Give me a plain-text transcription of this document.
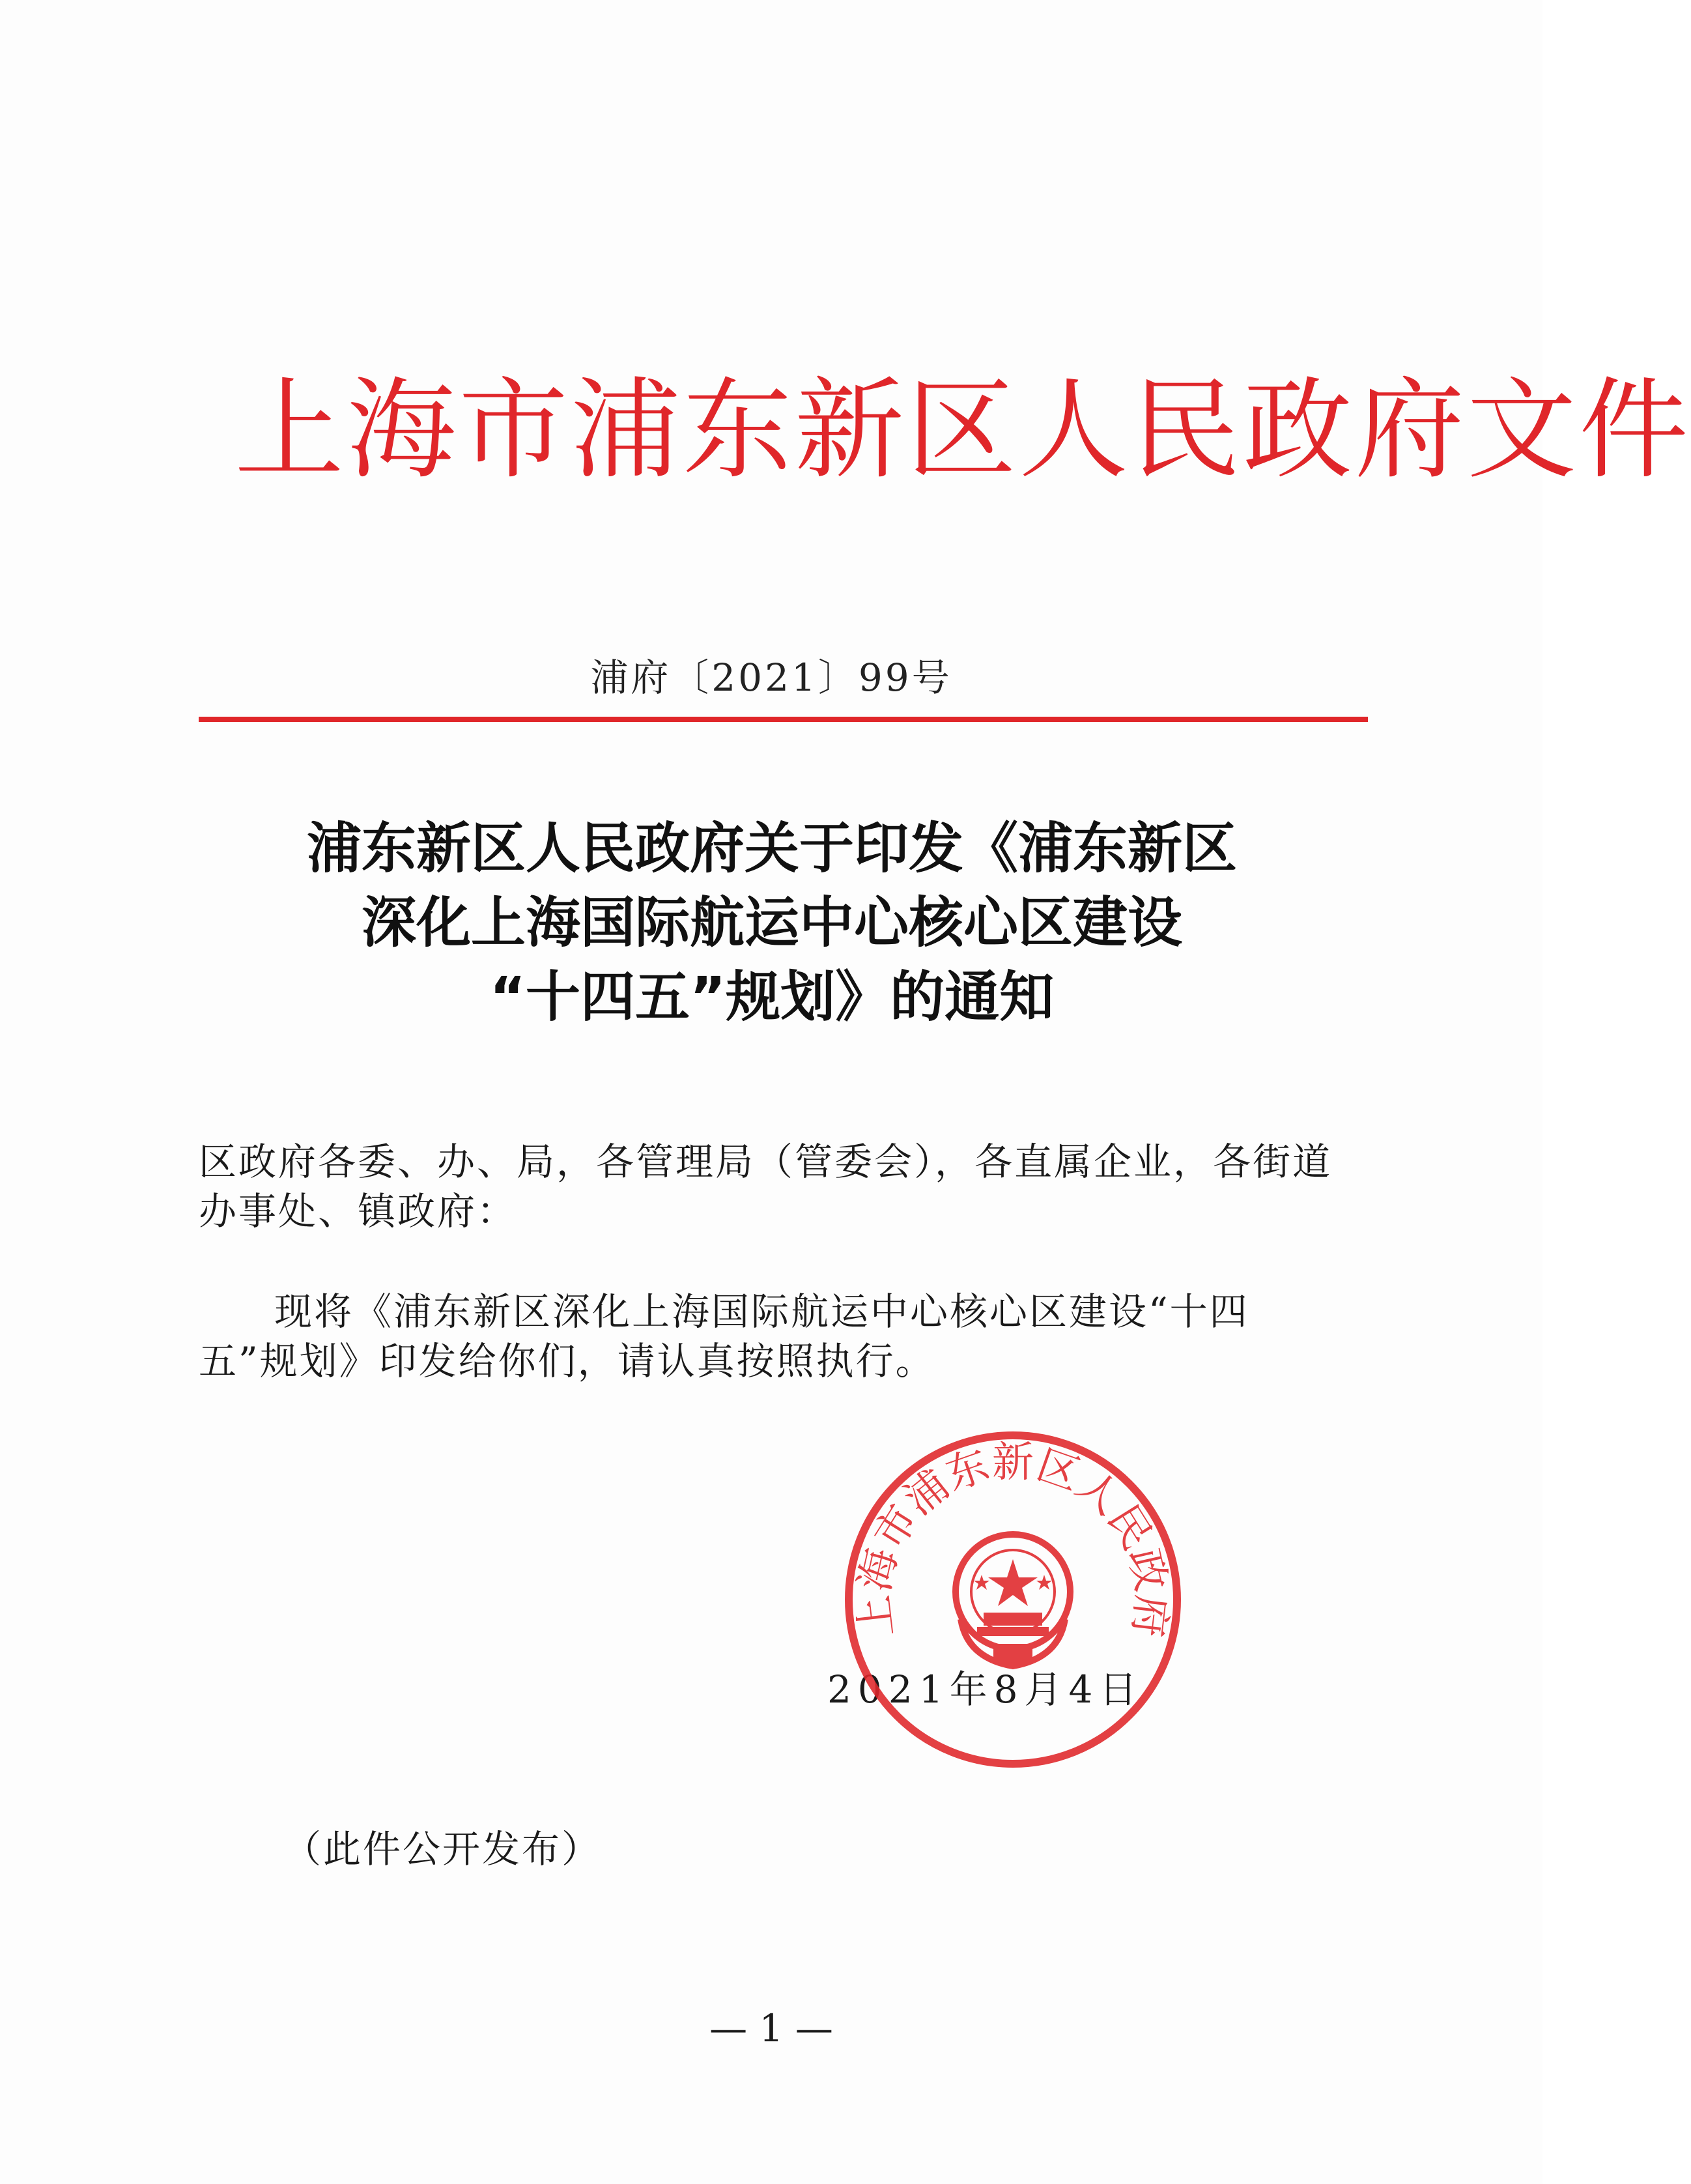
上海市浦东新区人民政府文件
浦府〔2021〕99号
浦东新区人民政府关于印发《浦东新区
深化上海国际航运中心核心区建设
“十四五”规划》的通知
区政府各委、办、局，各管理局（管委会），各直属企业，各街道办事处、镇政府：
现将《浦东新区深化上海国际航运中心核心区建设“十四五”规划》印发给你们，请认真按照执行。
2021年8月4日
上海市浦东新区人民政府
（此件公开发布）
— 1 —
